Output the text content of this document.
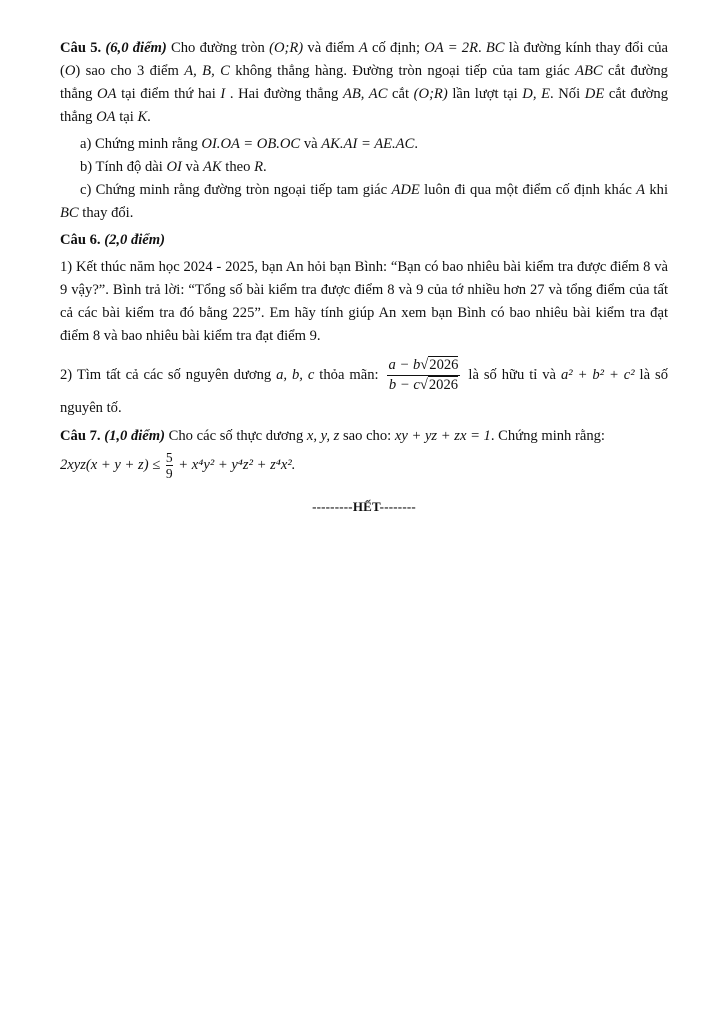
Câu 5. (6,0 điểm) Cho đường tròn (O;R) và điểm A cố định; OA = 2R. BC là đường kính thay đổi của (O) sao cho 3 điểm A, B, C không thẳng hàng. Đường tròn ngoại tiếp của tam giác ABC cắt đường thẳng OA tại điểm thứ hai I . Hai đường thẳng AB, AC cắt (O;R) lần lượt tại D, E. Nối DE cắt đường thẳng OA tại K.

a) Chứng minh rằng OI.OA = OB.OC và AK.AI = AE.AC.

b) Tính độ dài OI và AK theo R.

c) Chứng minh rằng đường tròn ngoại tiếp tam giác ADE luôn đi qua một điểm cố định khác A khi BC thay đổi.

Câu 6. (2,0 điểm)

1) Kết thúc năm học 2024 - 2025, bạn An hỏi bạn Bình: “Bạn có bao nhiêu bài kiểm tra được điểm 8 và 9 vậy?”. Bình trả lời: “Tổng số bài kiểm tra được điểm 8 và 9 của tớ nhiều hơn 27 và tổng điểm của tất cả các bài kiểm tra đó bằng 225”. Em hãy tính giúp An xem bạn Bình có bao nhiêu bài kiểm tra đạt điểm 8 và bao nhiêu bài kiểm tra đạt điểm 9.

2) Tìm tất cả các số nguyên dương a, b, c thỏa mãn: $\frac{a - b√2026}{b - c√2026}$ là số hữu tỉ và a² + b² + c² là số nguyên tố.

Câu 7. (1,0 điểm) Cho các số thực dương x, y, z sao cho: xy + yz + zx = 1. Chứng minh rằng:

$2xyz(x + y + z) \le \frac{5}{9} + x^4y^2 + y^4z^2 + z^4x^2$.

---------HẾT--------
